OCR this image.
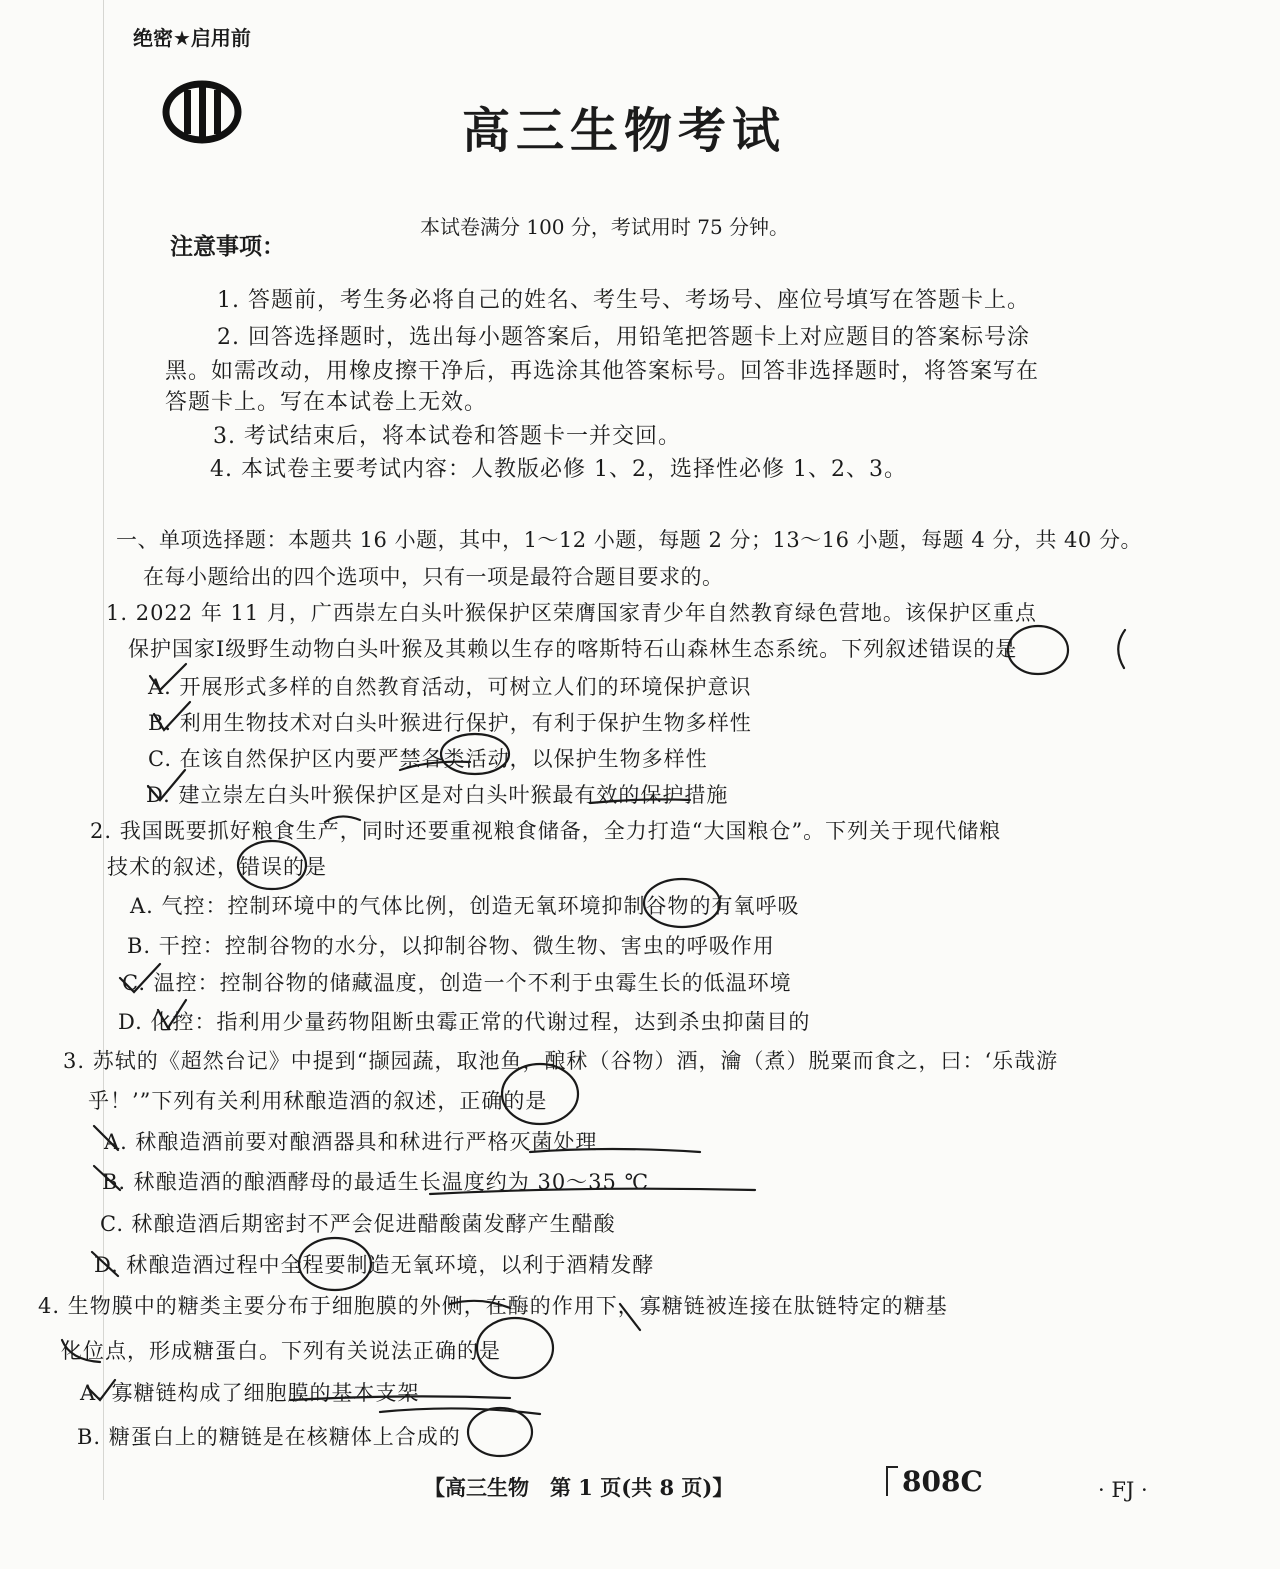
绝密★启用前
高三生物考试
本试卷满分 100 分，考试用时 75 分钟。
注意事项：
1. 答题前，考生务必将自己的姓名、考生号、考场号、座位号填写在答题卡上。
2. 回答选择题时，选出每小题答案后，用铅笔把答题卡上对应题目的答案标号涂
黑。如需改动，用橡皮擦干净后，再选涂其他答案标号。回答非选择题时，将答案写在
答题卡上。写在本试卷上无效。
3. 考试结束后，将本试卷和答题卡一并交回。
4. 本试卷主要考试内容：人教版必修 1、2，选择性必修 1、2、3。
一、单项选择题：本题共 16 小题，其中，1～12 小题，每题 2 分；13～16 小题，每题 4 分，共 40 分。
在每小题给出的四个选项中，只有一项是最符合题目要求的。
1. 2022 年 11 月，广西崇左白头叶猴保护区荣膺国家青少年自然教育绿色营地。该保护区重点
保护国家Ⅰ级野生动物白头叶猴及其赖以生存的喀斯特石山森林生态系统。下列叙述错误的是
A. 开展形式多样的自然教育活动，可树立人们的环境保护意识
B. 利用生物技术对白头叶猴进行保护，有利于保护生物多样性
C. 在该自然保护区内要严禁各类活动，以保护生物多样性
D. 建立崇左白头叶猴保护区是对白头叶猴最有效的保护措施
2. 我国既要抓好粮食生产，同时还要重视粮食储备，全力打造“大国粮仓”。下列关于现代储粮
技术的叙述，错误的是
A. 气控：控制环境中的气体比例，创造无氧环境抑制谷物的有氧呼吸
B. 干控：控制谷物的水分，以抑制谷物、微生物、害虫的呼吸作用
C. 温控：控制谷物的储藏温度，创造一个不利于虫霉生长的低温环境
D. 化控：指利用少量药物阻断虫霉正常的代谢过程，达到杀虫抑菌目的
3. 苏轼的《超然台记》中提到“撷园蔬，取池鱼，酿秫（谷物）酒，瀹（煮）脱粟而食之，曰：‘乐哉游
乎！’”下列有关利用秫酿造酒的叙述，正确的是
A. 秫酿造酒前要对酿酒器具和秫进行严格灭菌处理
B. 秫酿造酒的酿酒酵母的最适生长温度约为 30～35 ℃
C. 秫酿造酒后期密封不严会促进醋酸菌发酵产生醋酸
D. 秫酿造酒过程中全程要制造无氧环境，以利于酒精发酵
4. 生物膜中的糖类主要分布于细胞膜的外侧，在酶的作用下，寡糖链被连接在肽链特定的糖基
化位点，形成糖蛋白。下列有关说法正确的是
A. 寡糖链构成了细胞膜的基本支架
B. 糖蛋白上的糖链是在核糖体上合成的
【高三生物　第 1 页(共 8 页)】	808C	· FJ ·
